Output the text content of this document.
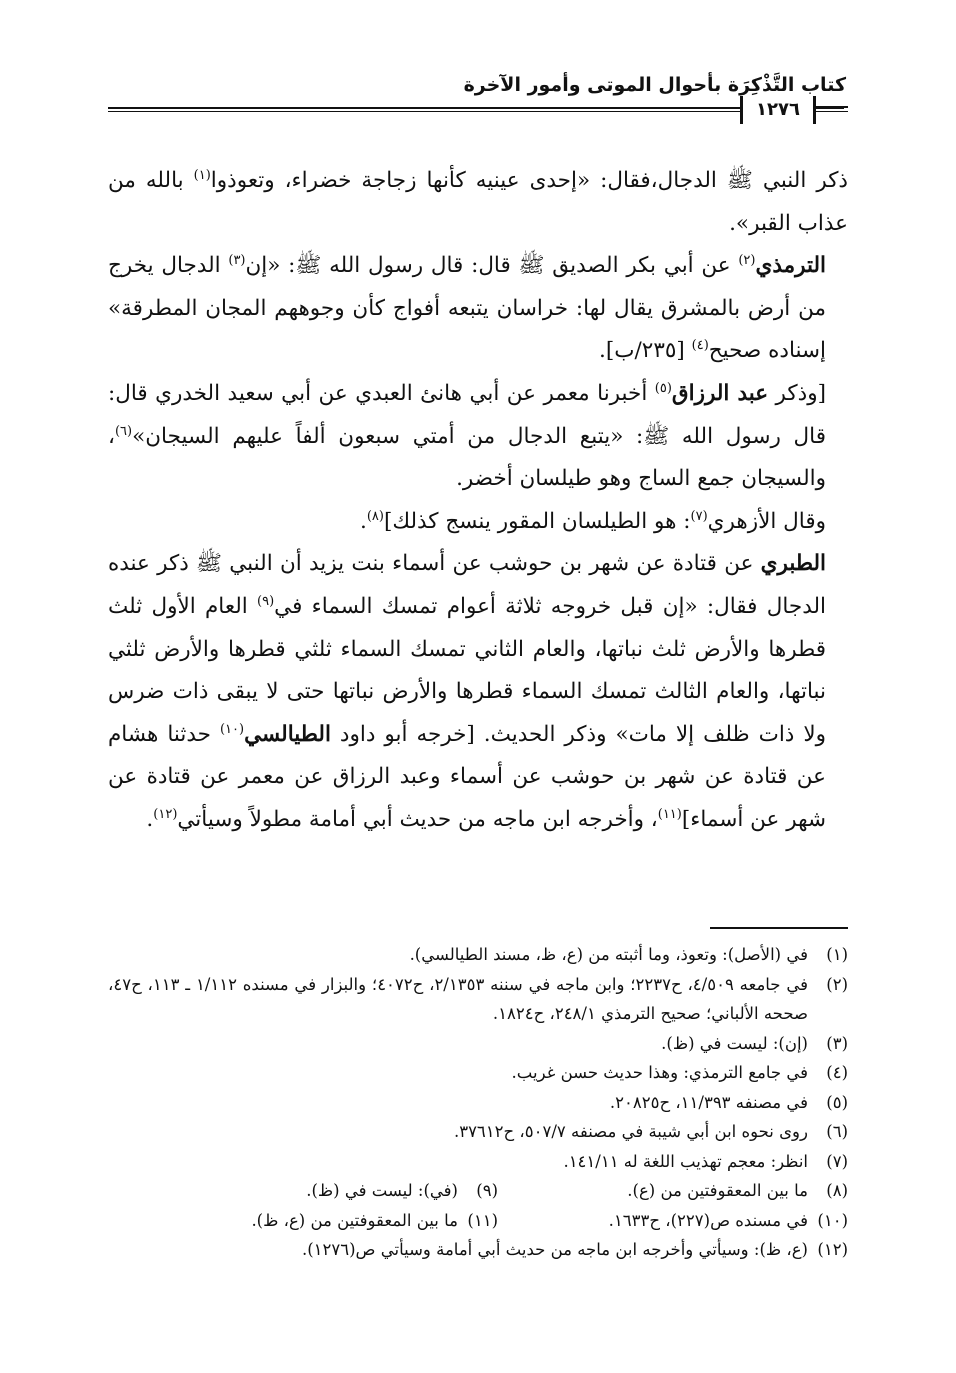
كتاب التَّذْكِرَة بأحوال الموتى وأمور الآخرة
١٢٧٦

ذكر النبي ﷺ الدجال،فقال: «إحدى عينيه كأنها زجاجة خضراء، وتعوذوا$^{(١)}$ بالله من عذاب القبر».

الترمذي$^{(٢)}$ عن أبي بكر الصديق ﷺ قال: قال رسول الله ﷺ: «إن$^{(٣)}$ الدجال يخرج من أرض بالمشرق يقال لها: خراسان يتبعه أفواج كأن وجوههم المجان المطرقة» إسناده صحيح$^{(٤)}$ [٢٣٥/ب].

[وذكر عبد الرزاق$^{(٥)}$ أخبرنا معمر عن أبي هانئ العبدي عن أبي سعيد الخدري قال: قال رسول الله ﷺ: «يتبع الدجال من أمتي سبعون ألفاً عليهم السيجان»$^{(٦)}$، والسيجان جمع الساج وهو طيلسان أخضر.

وقال الأزهري$^{(٧)}$: هو الطيلسان المقور ينسج كذلك]$^{(٨)}$.

الطبري عن قتادة عن شهر بن حوشب عن أسماء بنت يزيد أن النبي ﷺ ذكر عنده الدجال فقال: «إن قبل خروجه ثلاثة أعوام تمسك السماء في$^{(٩)}$ العام الأول ثلث قطرها والأرض ثلث نباتها، والعام الثاني تمسك السماء ثلثي قطرها والأرض ثلثي نباتها، والعام الثالث تمسك السماء قطرها والأرض نباتها حتى لا يبقى ذات ضرس ولا ذات ظلف إلا مات» وذكر الحديث. [خرجه أبو داود الطيالسي$^{(١٠)}$ حدثنا هشام عن قتادة عن شهر بن حوشب عن أسماء وعبد الرزاق عن معمر عن قتادة عن شهر عن أسماء]$^{(١١)}$، وأخرجه ابن ماجه من حديث أبي أمامة مطولاً وسيأتي$^{(١٢)}$.

(١)
في (الأصل): وتعوذ، وما أثبته من (ع، ظ، مسند الطيالسي).
(٢)
في جامعه ٤/٥٠٩، ح٢٢٣٧؛ وابن ماجه في سننه ٢/١٣٥٣، ح٤٠٧٢؛ والبزار في مسنده ١/١١٢ ـ ١١٣، ح٤٧، صححه الألباني؛ صحيح الترمذي ٢٤٨/١، ح١٨٢٤.
(٣)
(إن): ليست في (ظ).
(٤)
في جامع الترمذي: وهذا حديث حسن غريب.
(٥)
في مصنفه ١١/٣٩٣، ح٢٠٨٢٥.
(٦)
روى نحوه ابن أبي شيبة في مصنفه ٥٠٧/٧، ح٣٧٦١٢.
(٧)
انظر: معجم تهذيب اللغة له ١٤١/١١.
(٨)
ما بين المعقوفتين من (ع).
(٩)
(في): ليست في (ظ).
(١٠)
في مسنده ص(٢٢٧)، ح١٦٣٣.
(١١)
ما بين المعقوفتين من (ع، ظ).
(١٢)
(ع، ظ): وسيأتي وأخرجه ابن ماجه من حديث أبي أمامة وسيأتي ص(١٢٧٦).
